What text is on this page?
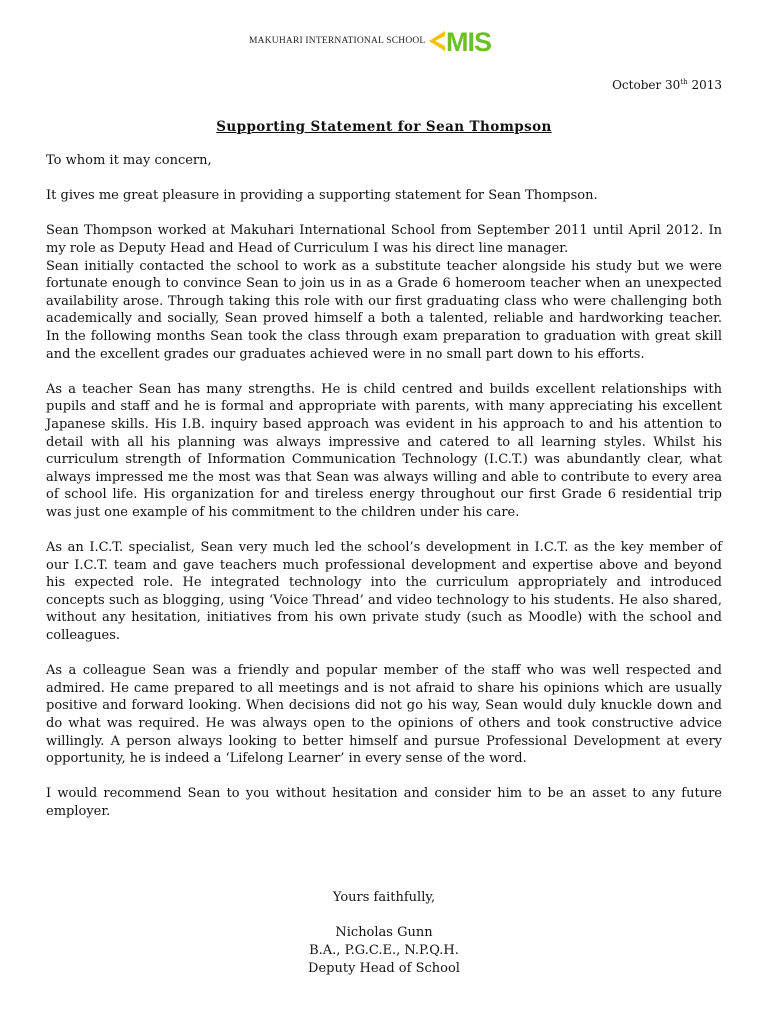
MAKUHARI INTERNATIONAL SCHOOL MIS
October 30th 2013
Supporting Statement for Sean Thompson

To whom it may concern,

It gives me great pleasure in providing a supporting statement for Sean Thompson.

Sean Thompson worked at Makuhari International School from September 2011 until April 2012. In my role as Deputy Head and Head of Curriculum I was his direct line manager.

Sean initially contacted the school to work as a substitute teacher alongside his study but we were fortunate enough to convince Sean to join us in as a Grade 6 homeroom teacher when an unexpected availability arose. Through taking this role with our first graduating class who were challenging both academically and socially, Sean proved himself a both a talented, reliable and hardworking teacher. In the following months Sean took the class through exam preparation to graduation with great skill and the excellent grades our graduates achieved were in no small part down to his efforts.

As a teacher Sean has many strengths. He is child centred and builds excellent relationships with pupils and staff and he is formal and appropriate with parents, with many appreciating his excellent Japanese skills. His I.B. inquiry based approach was evident in his approach to and his attention to detail with all his planning was always impressive and catered to all learning styles. Whilst his curriculum strength of Information Communication Technology (I.C.T.) was abundantly clear, what always impressed me the most was that Sean was always willing and able to contribute to every area of school life. His organization for and tireless energy throughout our first Grade 6 residential trip was just one example of his commitment to the children under his care.

As an I.C.T. specialist, Sean very much led the school’s development in I.C.T. as the key member of our I.C.T. team and gave teachers much professional development and expertise above and beyond his expected role. He integrated technology into the curriculum appropriately and introduced concepts such as blogging, using ‘Voice Thread’ and video technology to his students. He also shared, without any hesitation, initiatives from his own private study (such as Moodle) with the school and colleagues.

As a colleague Sean was a friendly and popular member of the staff who was well respected and admired. He came prepared to all meetings and is not afraid to share his opinions which are usually positive and forward looking. When decisions did not go his way, Sean would duly knuckle down and do what was required. He was always open to the opinions of others and took constructive advice willingly. A person always looking to better himself and pursue Professional Development at every opportunity, he is indeed a ‘Lifelong Learner’ in every sense of the word.

I would recommend Sean to you without hesitation and consider him to be an asset to any future employer.

Yours faithfully,
Nicholas Gunn
B.A., P.G.C.E., N.P.Q.H.
Deputy Head of School
